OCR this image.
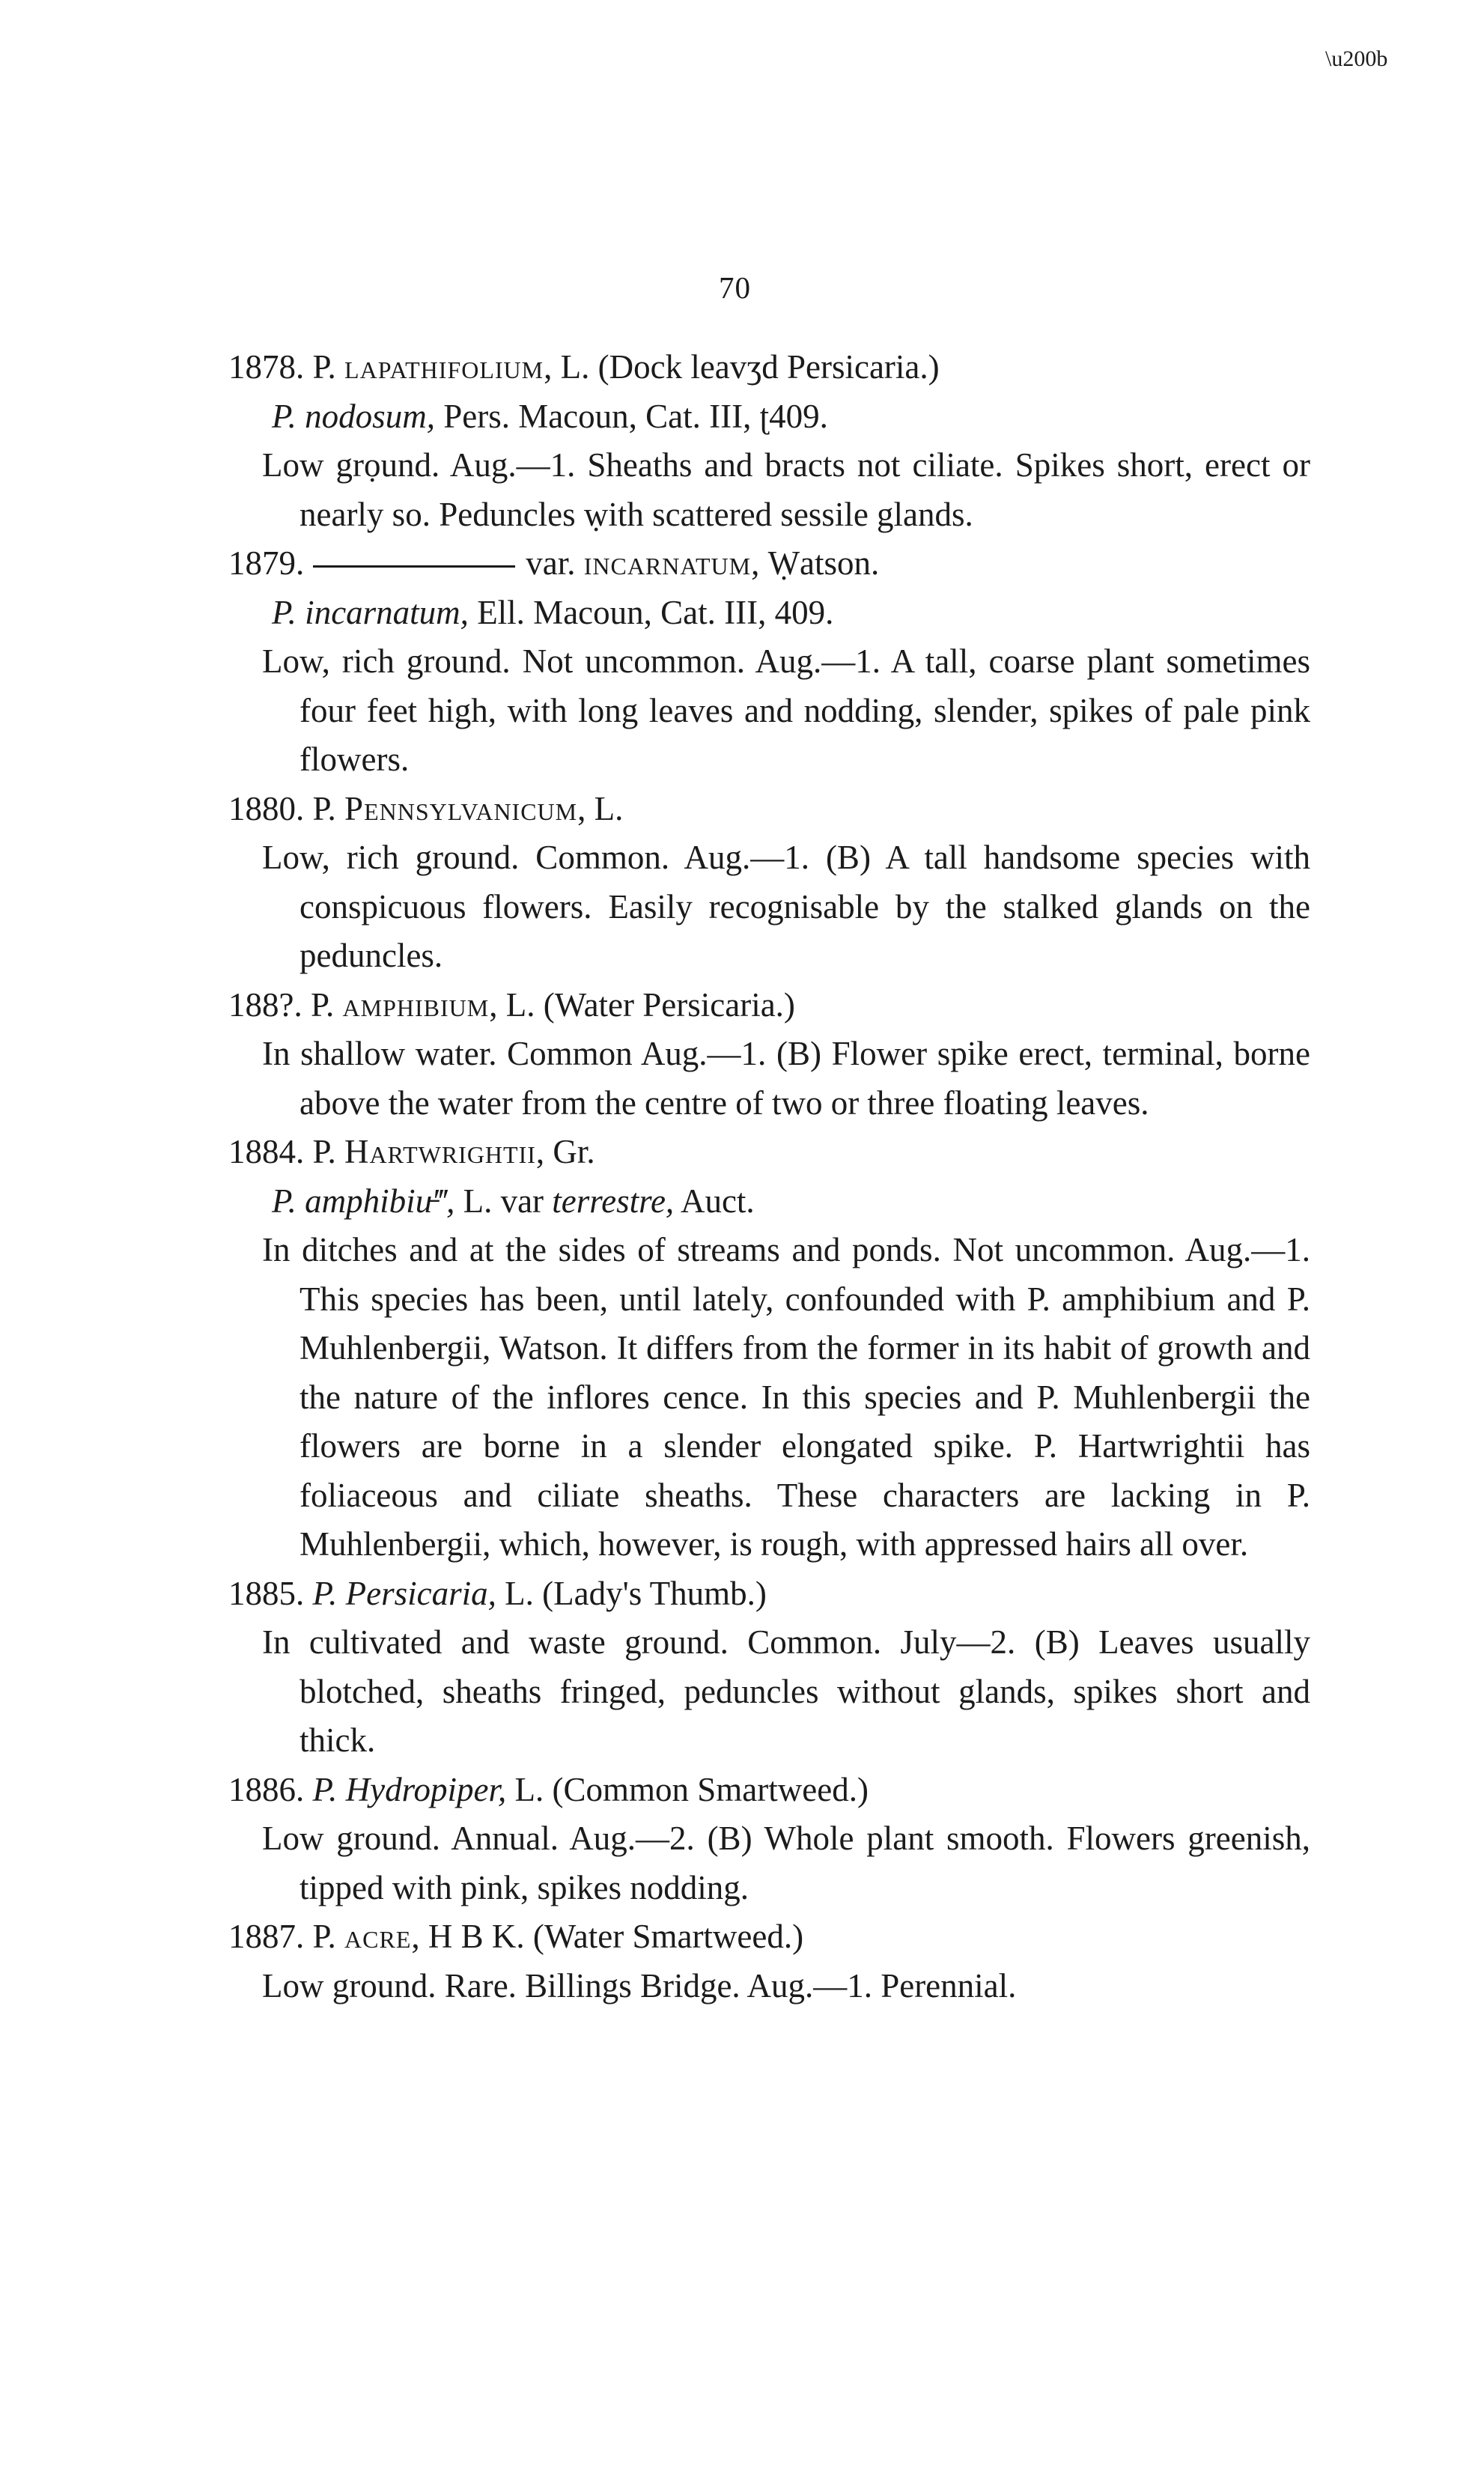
\u200b
70

1878. P. lapathifolium, L. (Dock leavʒd Persicaria.)

P. nodosum, Pers. Macoun, Cat. III, ʈ409.

Low grọund. Aug.—1. Sheaths and bracts not ciliate. Spikes short, erect or nearly so. Peduncles ẉith scattered sessile glands.

1879.	var. incarnatum, Ẉatson.

P. incarnatum, Ell. Macoun, Cat. III, 409.

Low, rich ground. Not uncommon. Aug.—1. A tall, coarse plant sometimes four feet high, with long leaves and nodding, slender, spikes of pale pink flowers.

1880. P. Pennsylvanicum, L.

Low, rich ground. Common. Aug.—1. (B) A tall handsome species with conspicuous flowers. Easily recognisable by the stalked glands on the peduncles.

188?. P. amphibium, L. (Water Persicaria.)

In shallow water. Common Aug.—1. (B) Flower spike erect, terminal, borne above the water from the centre of two or three floating leaves.

1884. P. Hartwrightii, Gr.

P. amphibiu̵‴, L. var terrestre, Auct.

In ditches and at the sides of streams and ponds. Not uncommon. Aug.—1. This species has been, until lately, confounded with P. amphibium and P. Muhlenbergii, Watson. It differs from the former in its habit of growth and the nature of the inflores cence. In this species and P. Muhlenbergii the flowers are borne in a slender elongated spike. P. Hartwrightii has foliaceous and ciliate sheaths. These characters are lacking in P. Muhlenbergii, which, however, is rough, with appressed hairs all over.

1885. P. Persicaria, L. (Lady's Thumb.)

In cultivated and waste ground. Common. July—2. (B) Leaves usually blotched, sheaths fringed, peduncles without glands, spikes short and thick.

1886. P. Hydropiper, L. (Common Smartweed.)

Low ground. Annual. Aug.—2. (B) Whole plant smooth. Flowers greenish, tipped with pink, spikes nodding.

1887. P. acre, H B K. (Water Smartweed.)

Low ground. Rare. Billings Bridge. Aug.—1. Perennial.
